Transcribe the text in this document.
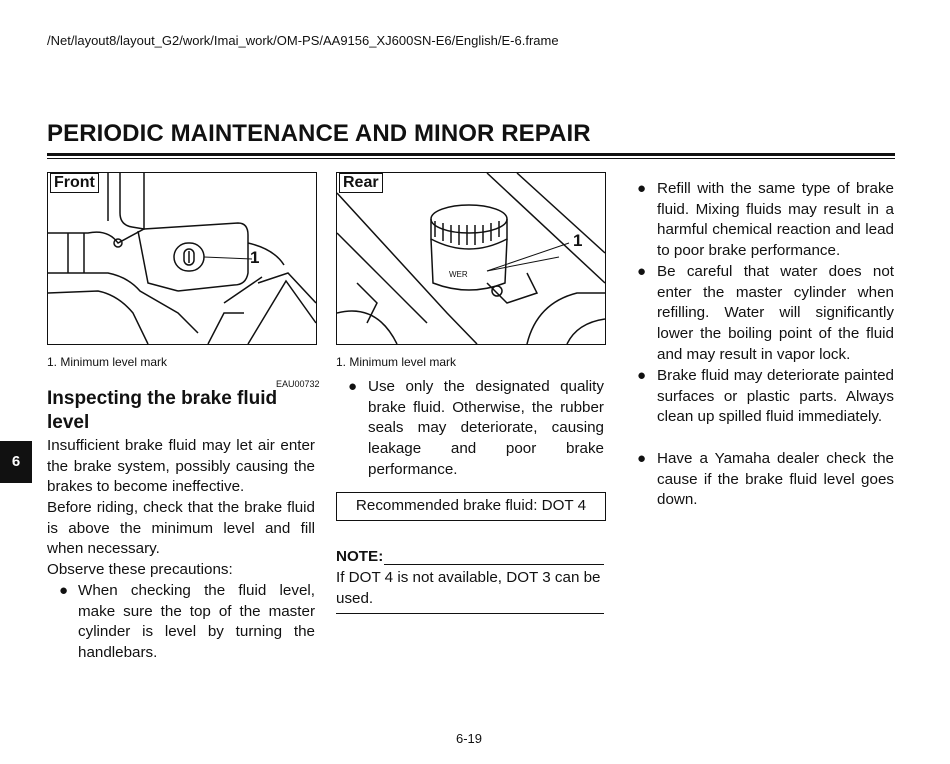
/Net/layout8/layout_G2/work/Imai_work/OM-PS/AA9156_XJ600SN-E6/English/E-6.frame
PERIODIC MAINTENANCE AND MINOR REPAIR
Front
1
1. Minimum level mark
Rear
WER
1
1. Minimum level mark
EAU00732
Inspecting the brake fluid
level
Insufficient brake fluid may let air enter the brake system, possibly causing the brakes to become ineffective.
Before riding, check that the brake fluid is above the minimum level and fill when necessary.
Observe these precautions:
● When checking the fluid level, make sure the top of the master cylinder is level by turning the handlebars.
● Use only the designated quality brake fluid. Otherwise, the rubber seals may deteriorate, causing leakage and poor brake performance.
Recommended brake fluid: DOT 4
NOTE:
If DOT 4 is not available, DOT 3 can be used.
● Refill with the same type of brake fluid. Mixing fluids may result in a harmful chemical reaction and lead to poor brake performance.
● Be careful that water does not enter the master cylinder when refilling. Water will significantly lower the boiling point of the fluid and may result in vapor lock.
● Brake fluid may deteriorate painted surfaces or plastic parts. Always clean up spilled fluid immediately.
● Have a Yamaha dealer check the cause if the brake fluid level goes down.
6
6-19
